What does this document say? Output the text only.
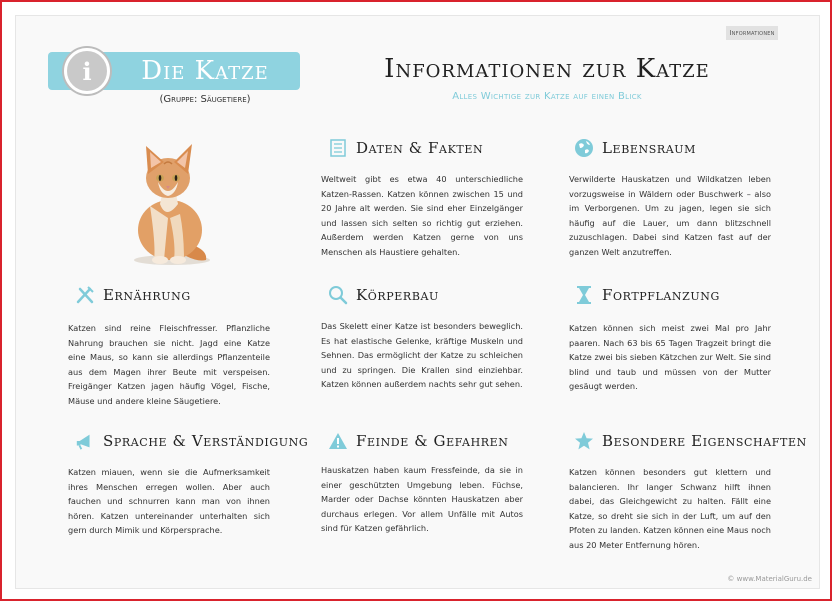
Informationen
i	Die Katze
(Gruppe: Säugetiere)
Informationen zur Katze
Alles Wichtige zur Katze auf einen Blick
Daten & Fakten
Weltweit gibt es etwa 40 unterschiedliche Katzen-Rassen. Katzen können zwischen 15 und 20 Jahre alt werden. Sie sind eher Einzelgänger und lassen sich selten so richtig gut erziehen. Außerdem werden Katzen gerne von uns Menschen als Haustiere gehalten.
Lebensraum
Verwilderte Hauskatzen und Wildkatzen leben vorzugsweise in Wäldern oder Buschwerk – also im Verborgenen. Um zu jagen, legen sie sich häufig auf die Lauer, um dann blitzschnell zuzuschlagen. Dabei sind Katzen fast auf der ganzen Welt anzutreffen.
Ernährung
Katzen sind reine Fleischfresser. Pflanzliche Nahrung brauchen sie nicht. Jagd eine Katze eine Maus, so kann sie allerdings Pflanzenteile aus dem Magen ihrer Beute mit verspeisen. Freigänger Katzen jagen häufig Vögel, Fische, Mäuse und andere kleine Säugetiere.
Körperbau
Das Skelett einer Katze ist besonders beweglich. Es hat elastische Gelenke, kräftige Muskeln und Sehnen. Das ermöglicht der Katze zu schleichen und zu springen. Die Krallen sind einziehbar. Katzen können außerdem nachts sehr gut sehen.
Fortpflanzung
Katzen können sich meist zwei Mal pro Jahr paaren. Nach 63 bis 65 Tagen Tragzeit bringt die Katze zwei bis sieben Kätzchen zur Welt. Sie sind blind und taub und müssen von der Mutter gesäugt werden.
Sprache & Verständigung
Katzen miauen, wenn sie die Aufmerksamkeit ihres Menschen erregen wollen. Aber auch fauchen und schnurren kann man von ihnen hören. Katzen untereinander unterhalten sich gern durch Mimik und Körpersprache.
Feinde & Gefahren
Hauskatzen haben kaum Fressfeinde, da sie in einer geschützten Umgebung leben. Füchse, Marder oder Dachse könnten Hauskatzen aber durchaus erlegen. Vor allem Unfälle mit Autos sind für Katzen gefährlich.
Besondere Eigenschaften
Katzen können besonders gut klettern und balancieren. Ihr langer Schwanz hilft ihnen dabei, das Gleichgewicht zu halten. Fällt eine Katze, so dreht sie sich in der Luft, um auf den Pfoten zu landen. Katzen können eine Maus noch aus 20 Meter Entfernung hören.
© www.MaterialGuru.de
